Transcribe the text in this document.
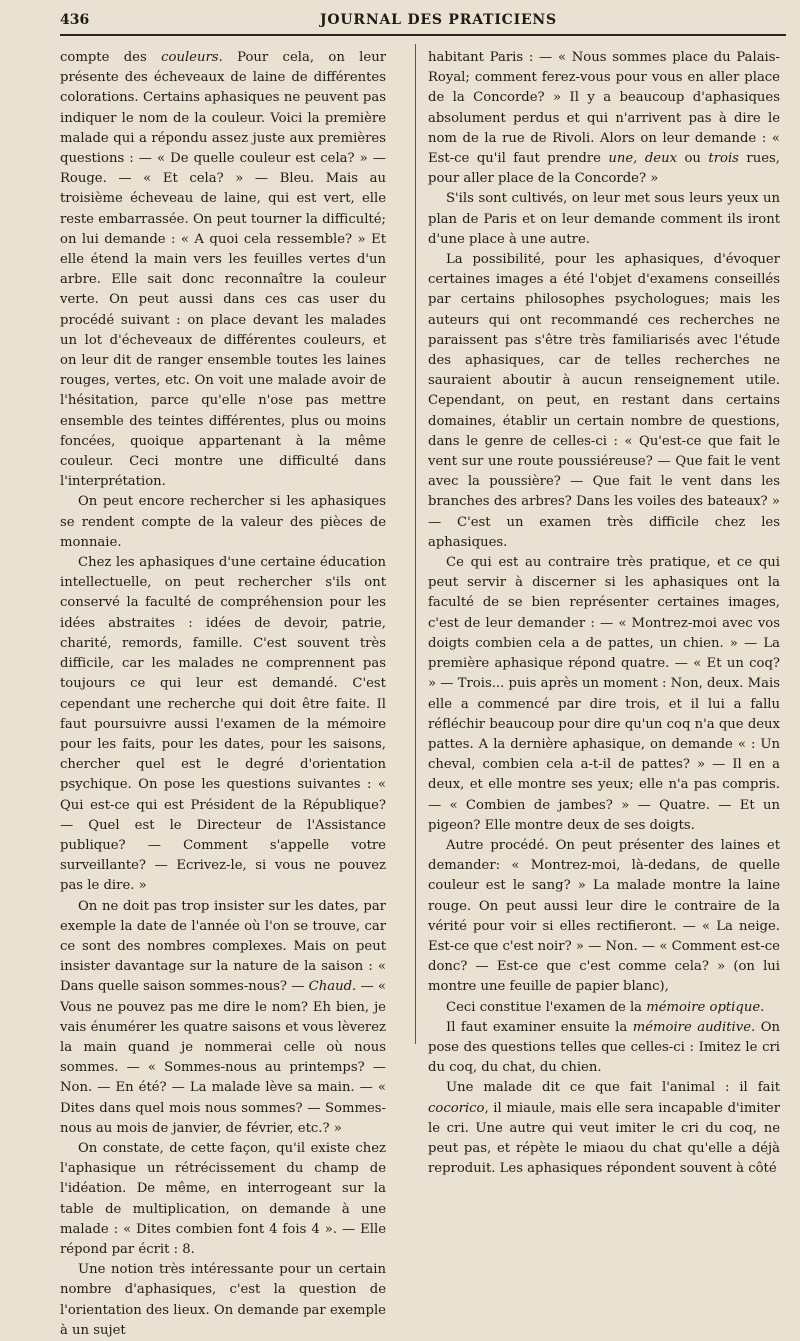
436	JOURNAL DES PRATICIENS

compte des couleurs. Pour cela, on leur présente des écheveaux de laine de différentes colorations. Certains aphasiques ne peuvent pas indiquer le nom de la couleur. Voici la première malade qui a répondu assez juste aux premières questions : — « De quelle couleur est cela? » — Rouge. — « Et cela? » — Bleu. Mais au troisième écheveau de laine, qui est vert, elle reste embarrassée. On peut tourner la difficulté; on lui demande : « A quoi cela ressemble? » Et elle étend la main vers les feuilles vertes d'un arbre. Elle sait donc reconnaître la couleur verte. On peut aussi dans ces cas user du procédé suivant : on place devant les malades un lot d'écheveaux de différentes couleurs, et on leur dit de ranger ensemble toutes les laines rouges, vertes, etc. On voit une malade avoir de l'hésitation, parce qu'elle n'ose pas mettre ensemble des teintes différentes, plus ou moins foncées, quoique appartenant à la même couleur. Ceci montre une difficulté dans l'interprétation.

On peut encore rechercher si les aphasiques se rendent compte de la valeur des pièces de monnaie.

Chez les aphasiques d'une certaine éducation intellectuelle, on peut rechercher s'ils ont conservé la faculté de compréhension pour les idées abstraites : idées de devoir, patrie, charité, remords, famille. C'est souvent très difficile, car les malades ne comprennent pas toujours ce qui leur est demandé. C'est cependant une recherche qui doit être faite. Il faut poursuivre aussi l'examen de la mémoire pour les faits, pour les dates, pour les saisons, chercher quel est le degré d'orientation psychique. On pose les questions suivantes : « Qui est-ce qui est Président de la République? — Quel est le Directeur de l'Assistance publique? — Comment s'appelle votre surveillante? — Ecrivez-le, si vous ne pouvez pas le dire. »

On ne doit pas trop insister sur les dates, par exemple la date de l'année où l'on se trouve, car ce sont des nombres complexes. Mais on peut insister davantage sur la nature de la saison : « Dans quelle saison sommes-nous? — Chaud. — « Vous ne pouvez pas me dire le nom? Eh bien, je vais énumérer les quatre saisons et vous lèverez la main quand je nommerai celle où nous sommes. — « Sommes-nous au printemps? — Non. — En été? — La malade lève sa main. — « Dites dans quel mois nous sommes? — Sommes-nous au mois de janvier, de février, etc.? »

On constate, de cette façon, qu'il existe chez l'aphasique un rétrécissement du champ de l'idéation. De même, en interrogeant sur la table de multiplication, on demande à une malade : « Dites combien font 4 fois 4 ». — Elle répond par écrit : 8.

Une notion très intéressante pour un certain nombre d'aphasiques, c'est la question de l'orientation des lieux. On demande par exemple à un sujet

habitant Paris : — « Nous sommes place du Palais-Royal; comment ferez-vous pour vous en aller place de la Concorde? » Il y a beaucoup d'aphasiques absolument perdus et qui n'arrivent pas à dire le nom de la rue de Rivoli. Alors on leur demande : « Est-ce qu'il faut prendre une, deux ou trois rues, pour aller place de la Concorde? »

S'ils sont cultivés, on leur met sous leurs yeux un plan de Paris et on leur demande comment ils iront d'une place à une autre.

La possibilité, pour les aphasiques, d'évoquer certaines images a été l'objet d'examens conseillés par certains philosophes psychologues; mais les auteurs qui ont recommandé ces recherches ne paraissent pas s'être très familiarisés avec l'étude des aphasiques, car de telles recherches ne sauraient aboutir à aucun renseignement utile. Cependant, on peut, en restant dans certains domaines, établir un certain nombre de questions, dans le genre de celles-ci : « Qu'est-ce que fait le vent sur une route poussiéreuse? — Que fait le vent avec la poussière? — Que fait le vent dans les branches des arbres? Dans les voiles des bateaux? » — C'est un examen très difficile chez les aphasiques.

Ce qui est au contraire très pratique, et ce qui peut servir à discerner si les aphasiques ont la faculté de se bien représenter certaines images, c'est de leur demander : — « Montrez-moi avec vos doigts combien cela a de pattes, un chien. » — La première aphasique répond quatre. — « Et un coq? » — Trois... puis après un moment : Non, deux. Mais elle a commencé par dire trois, et il lui a fallu réfléchir beaucoup pour dire qu'un coq n'a que deux pattes. A la dernière aphasique, on demande « : Un cheval, combien cela a-t-il de pattes? » — Il en a deux, et elle montre ses yeux; elle n'a pas compris. — « Combien de jambes? » — Quatre. — Et un pigeon? Elle montre deux de ses doigts.

Autre procédé. On peut présenter des laines et demander: « Montrez-moi, là-dedans, de quelle couleur est le sang? » La malade montre la laine rouge. On peut aussi leur dire le contraire de la vérité pour voir si elles rectifieront. — « La neige. Est-ce que c'est noir? » — Non. — « Comment est-ce donc? — Est-ce que c'est comme cela? » (on lui montre une feuille de papier blanc),

Ceci constitue l'examen de la mémoire optique.

Il faut examiner ensuite la mémoire auditive. On pose des questions telles que celles-ci : Imitez le cri du coq, du chat, du chien.

Une malade dit ce que fait l'animal : il fait cocorico, il miaule, mais elle sera incapable d'imiter le cri. Une autre qui veut imiter le cri du coq, ne peut pas, et répète le miaou du chat qu'elle a déjà reproduit. Les aphasiques répondent souvent à côté
